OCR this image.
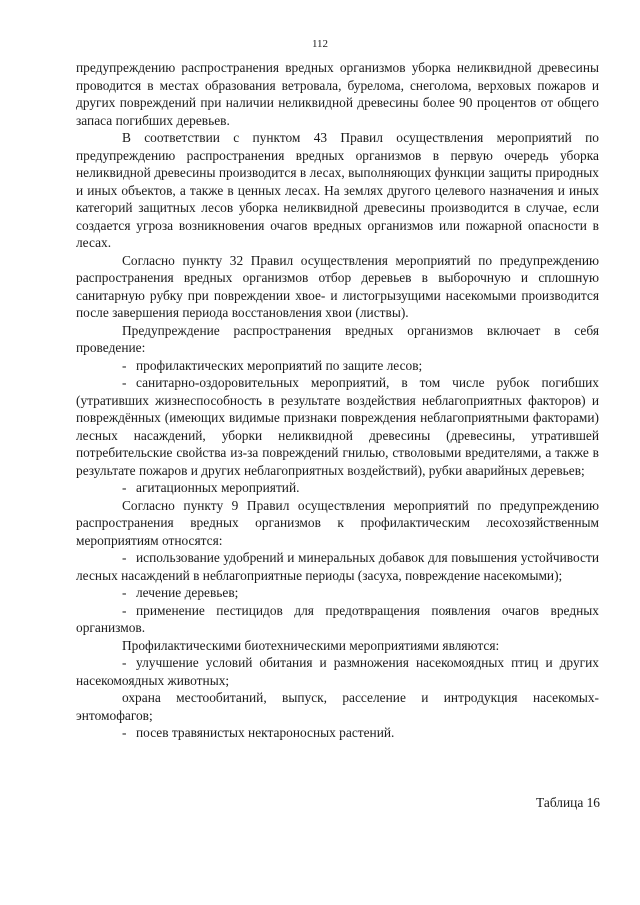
112

предупреждению распространения вредных организмов уборка неликвидной древесины проводится в местах образования ветровала, бурелома, снеголома, верховых пожаров и других повреждений при наличии неликвидной древесины более 90 процентов от общего запаса погибших деревьев.

В соответствии с пунктом 43 Правил осуществления мероприятий по предупреждению распространения вредных организмов в первую очередь уборка неликвидной древесины производится в лесах, выполняющих функции защиты природных и иных объектов, а также в ценных лесах. На землях другого целевого назначения и иных категорий защитных лесов уборка неликвидной древесины производится в случае, если создается угроза возникновения очагов вредных организмов или пожарной опасности в лесах.

Согласно пункту 32 Правил осуществления мероприятий по предупреждению распространения вредных организмов отбор деревьев в выборочную и сплошную санитарную рубку при повреждении хвое- и листогрызущими насекомыми производится после завершения периода восстановления хвои (листвы).

Предупреждение распространения вредных организмов включает в себя проведение:

- профилактических мероприятий по защите лесов;

- санитарно-оздоровительных мероприятий, в том числе рубок погибших (утративших жизнеспособность в результате воздействия неблагоприятных факторов) и повреждённых (имеющих видимые признаки повреждения неблагоприятными факторами) лесных насаждений, уборки неликвидной древесины (древесины, утратившей потребительские свойства из-за повреждений гнилью, стволовыми вредителями, а также в результате пожаров и других неблагоприятных воздействий), рубки аварийных деревьев;

- агитационных мероприятий.

Согласно пункту 9 Правил осуществления мероприятий по предупреждению распространения вредных организмов к профилактическим лесохозяйственным мероприятиям относятся:

- использование удобрений и минеральных добавок для повышения устойчивости лесных насаждений в неблагоприятные периоды (засуха, повреждение насекомыми);

- лечение деревьев;

- применение пестицидов для предотвращения появления очагов вредных организмов.

Профилактическими биотехническими мероприятиями являются:

- улучшение условий обитания и размножения насекомоядных птиц и других насекомоядных животных;

охрана местообитаний, выпуск, расселение и интродукция насекомых-энтомофагов;

- посев травянистых нектароносных растений.

Таблица 16
